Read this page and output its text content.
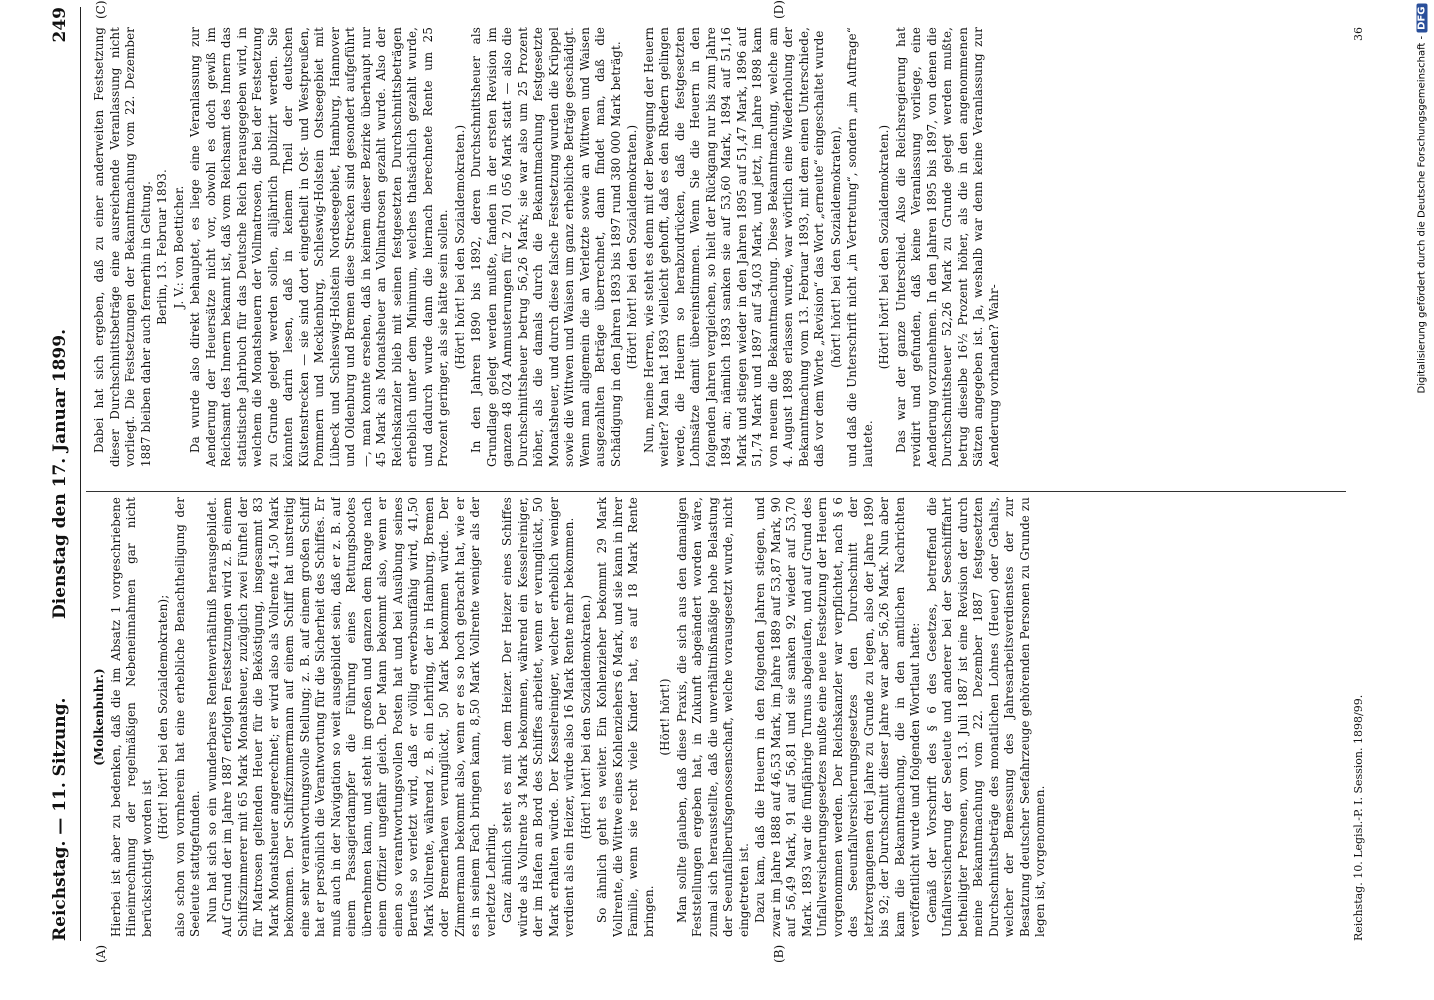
Reichstag. — 11. Sitzung.
Dienstag den 17. Januar 1899.
249
(A)	(B)
(C)	(D)

(Molkenbuhr.) Hierbei ist aber zu bedenken, daß die im Absatz 1 vorgeschriebene Hineinrechnung der regelmäßigen Nebeneinnahmen gar nicht berücksichtigt worden ist

(Hört! hört! bei den Sozialdemokraten); also schon von vornherein hat eine erhebliche Benachtheiligung der Seeleute stattgefunden. Nun hat sich so ein wunderbares Rentenverhältniß herausgebildet. Auf Grund der im Jahre 1887 erfolgten Festsetzungen wird z. B. einem Schiffszimmerer mit 65 Mark Monatsheuer, zuzüglich zwei Fünftel der für Matrosen geltenden Heuer für die Beköstigung, insgesammt 83 Mark Monatsheuer angerechnet; er wird also als Vollrente 41,50 Mark bekommen. Der Schiffszimmermann auf einem Schiff hat unstreitig eine sehr verantwortungsvolle Stellung; z. B. auf einem großen Schiff hat er persönlich die Verantwortung für die Sicherheit des Schiffes. Er muß auch in der Navigation so weit ausgebildet sein, daß er z. B. auf einem Passagierdampfer die Führung eines Rettungsbootes übernehmen kann, und steht im großen und ganzen dem Range nach einem Offizier ungefähr gleich. Der Mann bekommt also, wenn er einen so verantwortungsvollen Posten hat und bei Ausübung seines Berufes so verletzt wird, daß er völlig erwerbsunfähig wird, 41,50 Mark Vollrente, während z. B. ein Lehrling, der in Hamburg, Bremen oder Bremerhaven verunglückt, 50 Mark bekommen würde. Der Zimmermann bekommt also, wenn er es so hoch gebracht hat, wie er es in seinem Fach bringen kann, 8,50 Mark Vollrente weniger als der verletzte Lehrling. Ganz ähnlich steht es mit dem Heizer. Der Heizer eines Schiffes würde als Vollrente 34 Mark bekommen, während ein Kesselreiniger, der im Hafen an Bord des Schiffes arbeitet, wenn er verunglückt, 50 Mark erhalten würde. Der Kesselreiniger, welcher erheblich weniger verdient als ein Heizer, würde also 16 Mark Rente mehr bekommen. (Hört! hört! bei den Sozialdemokraten.) So ähnlich geht es weiter. Ein Kohlenzieher bekommt 29 Mark Vollrente, die Wittwe eines Kohlenziehers 6 Mark, und sie kann in ihrer Familie, wenn sie recht viele Kinder hat, es auf 18 Mark Rente bringen.

(Hört! hört!) Man sollte glauben, daß diese Praxis, die sich aus den damaligen Feststellungen ergeben hat, in Zukunft abgeändert worden wäre, zumal sich herausstellte, daß die unverhältnißmäßige hohe Belastung der Seeunfallberufsgenossenschaft, welche vorausgesetzt wurde, nicht eingetreten ist. Dazu kam, daß die Heuern in den folgenden Jahren stiegen, und zwar im Jahre 1888 auf 46,53 Mark, im Jahre 1889 auf 53,87 Mark, 90 auf 56,49 Mark, 91 auf 56,81 und sie sanken 92 wieder auf 53,70 Mark. 1893 war die fünfjährige Turnus abgelaufen, und auf Grund des Unfallversicherungsgesetzes mußte eine neue Festsetzung der Heuern vorgenommen werden. Der Reichskanzler war verpflichtet, nach § 6 des Seeunfallversicherungsgesetzes den Durchschnitt der letztvergangenen drei Jahre zu Grunde zu legen, also der Jahre 1890 bis 92; der Durchschnitt dieser Jahre war aber 56,26 Mark. Nun aber kam die Bekanntmachung, die in den amtlichen Nachrichten veröffentlicht wurde und folgenden Wortlaut hatte: Gemäß der Vorschrift des § 6 des Gesetzes, betreffend die Unfallversicherung der Seeleute und anderer bei der Seeschifffahrt betheiligter Personen, vom 13. Juli 1887 ist eine Revision der durch meine Bekanntmachung vom 22. Dezember 1887 festgesetzten Durchschnittsbeträge des monatlichen Lohnes (Heuer) oder Gehalts, welcher der Bemessung des Jahresarbeitsverdienstes der zur Besatzung deutscher Seefahrzeuge gehörenden Personen zu Grunde zu legen ist, vorgenommen.

Dabei hat sich ergeben, daß zu einer anderweiten Festsetzung dieser Durchschnittsbeträge eine ausreichende Veranlassung nicht vorliegt. Die Festsetzungen der Bekanntmachung vom 22. Dezember 1887 bleiben daher auch fernerhin in Geltung. Berlin, 13. Februar 1893. J. V.: von Boetticher. Da wurde also direkt behauptet, es liege eine Veranlassung zur Aenderung der Heuersätze nicht vor, obwohl es doch gewiß im Reichsamt des Innern bekannt ist, daß vom Reichsamt des Innern das statistische Jahrbuch für das Deutsche Reich herausgegeben wird, in welchem die Monatsheuern der Vollmatrosen, die bei der Festsetzung zu Grunde gelegt werden sollen, alljährlich publizirt werden. Sie könnten darin lesen, daß in keinem Theil der deutschen Küstenstrecken — sie sind dort eingetheilt in Ost- und Westpreußen, Pommern und Mecklenburg, Schleswig-Holstein Ostseegebiet mit Lübeck und Schleswig-Holstein Nordseegebiet, Hamburg, Hannover und Oldenburg und Bremen diese Strecken sind gesondert aufgeführt —, man konnte ersehen, daß in keinem dieser Bezirke überhaupt nur 45 Mark als Monatsheuer an Vollmatrosen gezahlt wurde. Also der Reichskanzler blieb mit seinen festgesetzten Durchschnittsbeträgen erheblich unter dem Minimum, welches thatsächlich gezahlt wurde, und dadurch wurde dann die hiernach berechnete Rente um 25 Prozent geringer, als sie hätte sein sollen. (Hört! hört! bei den Sozialdemokraten.) In den Jahren 1890 bis 1892, deren Durchschnittsheuer als Grundlage gelegt werden mußte, fanden in der ersten Revision im ganzen 48 024 Anmusterungen für 2 701 056 Mark statt — also die Durchschnittsheuer betrug 56,26 Mark; sie war also um 25 Prozent höher, als die damals durch die Bekanntmachung festgesetzte Monatsheuer, und durch diese falsche Festsetzung wurden die Krüppel sowie die Wittwen und Waisen um ganz erhebliche Beträge geschädigt. Wenn man allgemein die an Verletzte sowie an Wittwen und Waisen ausgezahlten Beträge überrechnet, dann findet man, daß die Schädigung in den Jahren 1893 bis 1897 rund 380 000 Mark beträgt. (Hört! hört! bei den Sozialdemokraten.) Nun, meine Herren, wie steht es denn mit der Bewegung der Heuern weiter? Man hat 1893 vielleicht gehofft, daß es den Rhedern gelingen werde, die Heuern so herabzudrücken, daß die festgesetzten Lohnsätze damit übereinstimmen. Wenn Sie die Heuern in den folgenden Jahren vergleichen, so hielt der Rückgang nur bis zum Jahre 1894 an; nämlich 1893 sanken sie auf 53,60 Mark, 1894 auf 51,16 Mark und stiegen wieder in den Jahren 1895 auf 51,47 Mark, 1896 auf 51,74 Mark und 1897 auf 54,03 Mark, und jetzt, im Jahre 1898 kam von neuem die Bekanntmachung. Diese Bekanntmachung, welche am 4. August 1898 erlassen wurde, war wörtlich eine Wiederholung der Bekanntmachung vom 13. Februar 1893, mit dem einen Unterschiede, daß vor dem Worte „Revision“ das Wort „erneute“ eingeschaltet wurde (hört! hört! bei den Sozialdemokraten), und daß die Unterschrift nicht „in Vertretung“, sondern „im Auftrage“ lautete.

(Hört! hört! bei den Sozialdemokraten.) Das war der ganze Unterschied. Also die Reichsregierung hat revidirt und gefunden, daß keine Veranlassung vorliege, eine Aenderung vorzunehmen. In den Jahren 1895 bis 1897, von denen die Durchschnittsheuer 52,26 Mark zu Grunde gelegt werden mußte, betrug dieselbe 16½ Prozent höher, als die in den angenommenen Sätzen angegeben ist. Ja, weshalb war denn keine Veranlassung zur Aenderung vorhanden? Wahr-

Reichstag. 10. Legisl.-P. I. Session. 1898/99.
36
Digitalisierung gefördert durch die Deutsche Forschungsgemeinschaft -DFG
